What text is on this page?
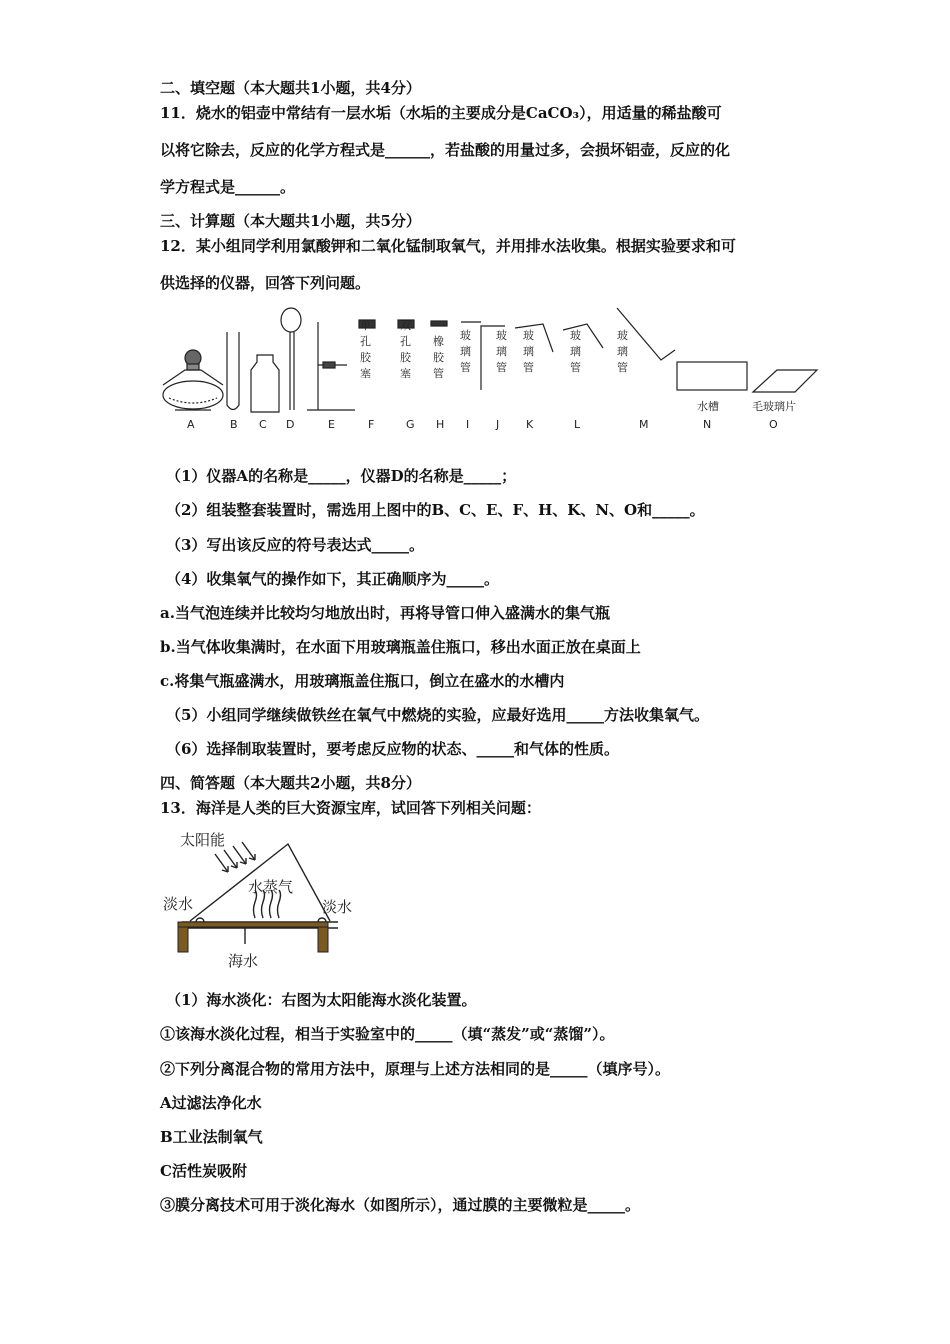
二、填空题（本大题共1小题，共4分）
11．烧水的铝壶中常结有一层水垢（水垢的主要成分是CaCO₃），用适量的稀盐酸可
以将它除去，反应的化学方程式是______，若盐酸的用量过多，会损坏铝壶，反应的化
学方程式是______。
三、计算题（本大题共1小题，共5分）
12．某小组同学利用氯酸钾和二氧化锰制取氧气，并用排水法收集。根据实验要求和可
供选择的仪器，回答下列问题。
单
孔
胶
塞
双
孔
胶
塞
橡
胶
管
玻
璃
管
玻
璃
管
玻
璃
管
玻
璃
管
玻
璃
管
水槽	毛玻璃片
A	B C D	E	F	G H I J K	L	M	N	O
（1）仪器A的名称是_____，仪器D的名称是_____；
（2）组装整套装置时，需选用上图中的B、C、E、F、H、K、N、O和_____。
（3）写出该反应的符号表达式_____。
（4）收集氧气的操作如下，其正确顺序为_____。
a.当气泡连续并比较均匀地放出时，再将导管口伸入盛满水的集气瓶
b.当气体收集满时，在水面下用玻璃瓶盖住瓶口，移出水面正放在桌面上
c.将集气瓶盛满水，用玻璃瓶盖住瓶口，倒立在盛水的水槽内
（5）小组同学继续做铁丝在氧气中燃烧的实验，应最好选用_____方法收集氧气。
（6）选择制取装置时，要考虑反应物的状态、_____和气体的性质。
四、简答题（本大题共2小题，共8分）
13．海洋是人类的巨大资源宝库，试回答下列相关问题：
太阳能
淡水
水蒸气
淡水
海水
（1）海水淡化：右图为太阳能海水淡化装置。
①该海水淡化过程，相当于实验室中的_____（填“蒸发”或“蒸馏”）。
②下列分离混合物的常用方法中，原理与上述方法相同的是_____（填序号）。
A过滤法净化水
B工业法制氧气
C活性炭吸附
③膜分离技术可用于淡化海水（如图所示），通过膜的主要微粒是_____。
